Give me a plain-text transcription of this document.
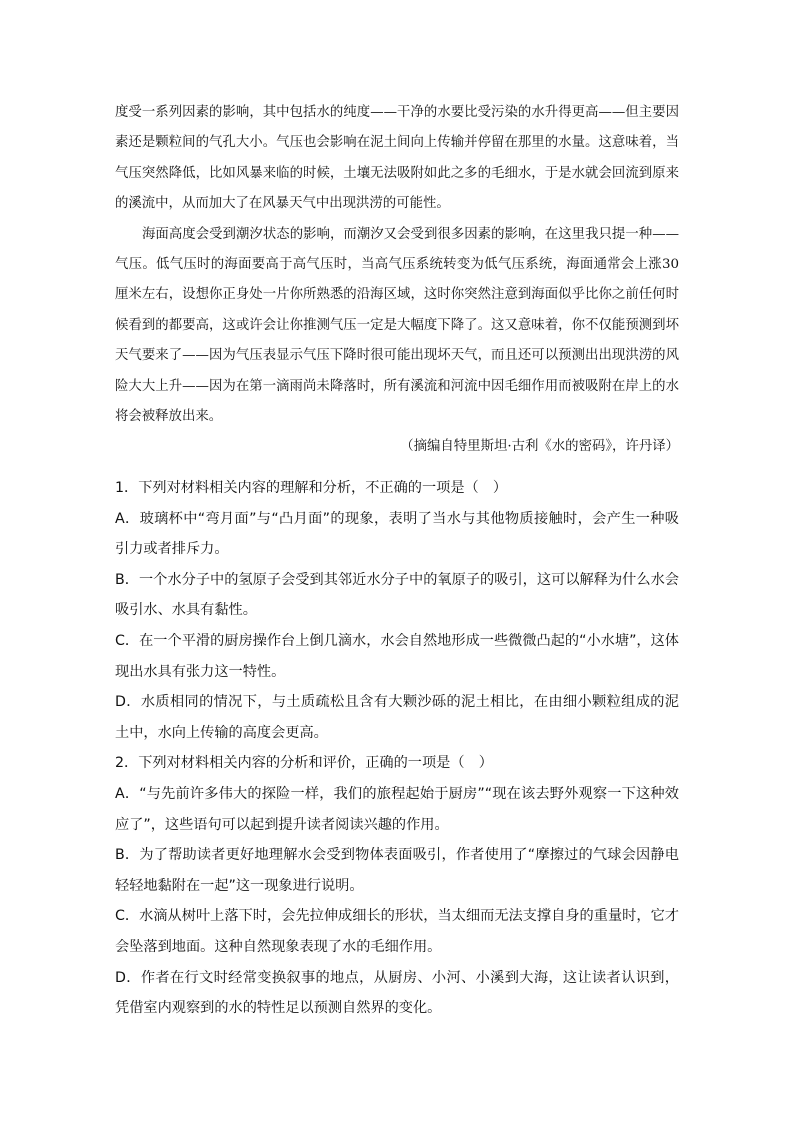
度受一系列因素的影响，其中包括水的纯度——干净的水要比受污染的水升得更高——但主要因素还是颗粒间的气孔大小。气压也会影响在泥土间向上传输并停留在那里的水量。这意味着，当气压突然降低，比如风暴来临的时候，土壤无法吸附如此之多的毛细水，于是水就会回流到原来的溪流中，从而加大了在风暴天气中出现洪涝的可能性。

海面高度会受到潮汐状态的影响，而潮汐又会受到很多因素的影响，在这里我只提一种——气压。低气压时的海面要高于高气压时，当高气压系统转变为低气压系统，海面通常会上涨30厘米左右，设想你正身处一片你所熟悉的沿海区域，这时你突然注意到海面似乎比你之前任何时候看到的都要高，这或许会让你推测气压一定是大幅度下降了。这又意味着，你不仅能预测到坏天气要来了——因为气压表显示气压下降时很可能出现坏天气，而且还可以预测出出现洪涝的风险大大上升——因为在第一滴雨尚未降落时，所有溪流和河流中因毛细作用而被吸附在岸上的水将会被释放出来。

（摘编自特里斯坦·古利《水的密码》，许丹译）

1．下列对材料相关内容的理解和分析，不正确的一项是（　）

A．玻璃杯中“弯月面”与“凸月面”的现象，表明了当水与其他物质接触时，会产生一种吸引力或者排斥力。

B．一个水分子中的氢原子会受到其邻近水分子中的氧原子的吸引，这可以解释为什么水会吸引水、水具有黏性。

C．在一个平滑的厨房操作台上倒几滴水，水会自然地形成一些微微凸起的“小水塘”，这体现出水具有张力这一特性。

D．水质相同的情况下，与土质疏松且含有大颗沙砾的泥土相比，在由细小颗粒组成的泥土中，水向上传输的高度会更高。

2．下列对材料相关内容的分析和评价，正确的一项是（　）

A．“与先前许多伟大的探险一样，我们的旅程起始于厨房”“现在该去野外观察一下这种效应了”，这些语句可以起到提升读者阅读兴趣的作用。

B．为了帮助读者更好地理解水会受到物体表面吸引，作者使用了“摩擦过的气球会因静电轻轻地黏附在一起”这一现象进行说明。

C．水滴从树叶上落下时，会先拉伸成细长的形状，当太细而无法支撑自身的重量时，它才会坠落到地面。这种自然现象表现了水的毛细作用。

D．作者在行文时经常变换叙事的地点，从厨房、小河、小溪到大海，这让读者认识到，凭借室内观察到的水的特性足以预测自然界的变化。
